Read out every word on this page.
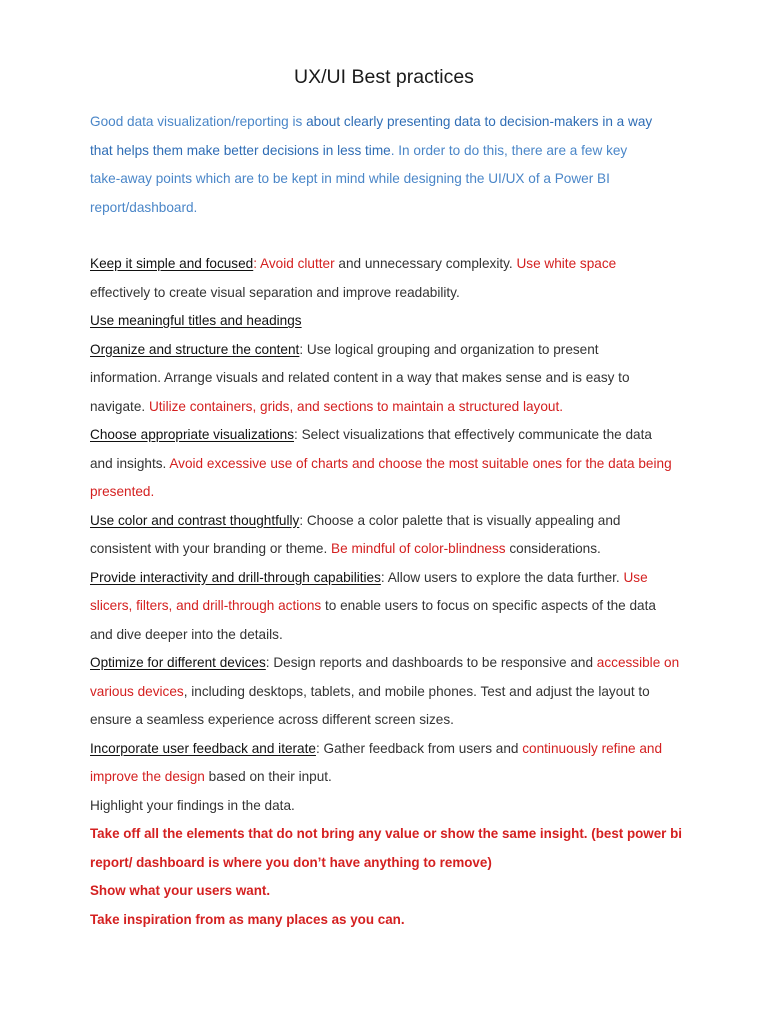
UX/UI Best practices
Good data visualization/reporting is about clearly presenting data to decision-makers in a way
that helps them make better decisions in less time. In order to do this, there are a few key
take-away points which are to be kept in mind while designing the UI/UX of a Power BI
report/dashboard.
Keep it simple and focused: Avoid clutter and unnecessary complexity. Use white space
effectively to create visual separation and improve readability.
Use meaningful titles and headings
Organize and structure the content: Use logical grouping and organization to present
information. Arrange visuals and related content in a way that makes sense and is easy to
navigate. Utilize containers, grids, and sections to maintain a structured layout.
Choose appropriate visualizations: Select visualizations that effectively communicate the data
and insights. Avoid excessive use of charts and choose the most suitable ones for the data being
presented.
Use color and contrast thoughtfully: Choose a color palette that is visually appealing and
consistent with your branding or theme. Be mindful of color-blindness considerations.
Provide interactivity and drill-through capabilities: Allow users to explore the data further. Use
slicers, filters, and drill-through actions to enable users to focus on specific aspects of the data
and dive deeper into the details.
Optimize for different devices: Design reports and dashboards to be responsive and accessible on
various devices, including desktops, tablets, and mobile phones. Test and adjust the layout to
ensure a seamless experience across different screen sizes.
Incorporate user feedback and iterate: Gather feedback from users and continuously refine and
improve the design based on their input.
Highlight your findings in the data.
Take off all the elements that do not bring any value or show the same insight. (best power bi
report/ dashboard is where you don’t have anything to remove)
Show what your users want.
Take inspiration from as many places as you can.
